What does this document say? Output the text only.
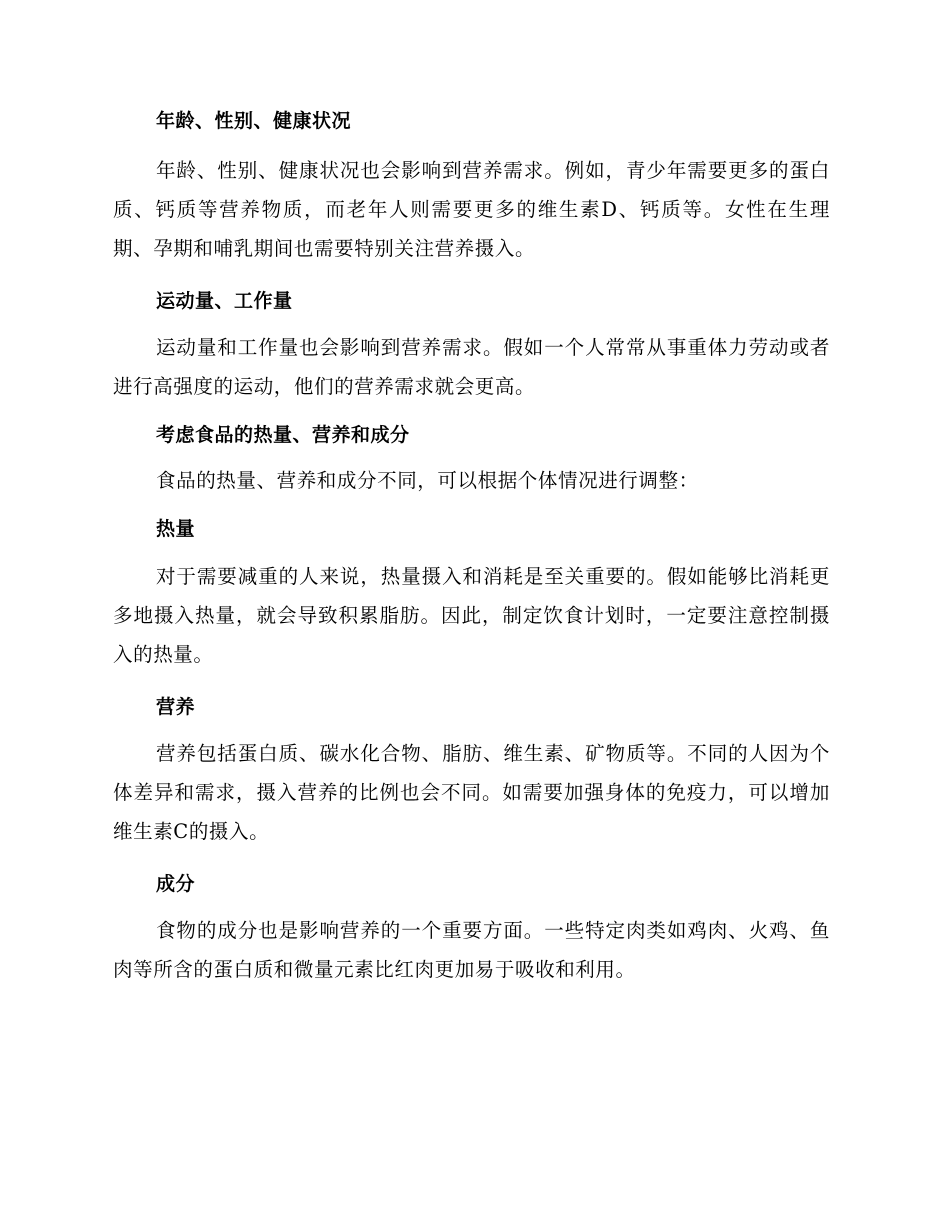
年龄、性别、健康状况

年龄、性别、健康状况也会影响到营养需求。例如，青少年需要更多的蛋白质、钙质等营养物质，而老年人则需要更多的维生素D、钙质等。女性在生理期、孕期和哺乳期间也需要特别关注营养摄入。

运动量、工作量

运动量和工作量也会影响到营养需求。假如一个人常常从事重体力劳动或者进行高强度的运动，他们的营养需求就会更高。

考虑食品的热量、营养和成分

食品的热量、营养和成分不同，可以根据个体情况进行调整：

热量

对于需要减重的人来说，热量摄入和消耗是至关重要的。假如能够比消耗更多地摄入热量，就会导致积累脂肪。因此，制定饮食计划时，一定要注意控制摄入的热量。

营养

营养包括蛋白质、碳水化合物、脂肪、维生素、矿物质等。不同的人因为个体差异和需求，摄入营养的比例也会不同。如需要加强身体的免疫力，可以增加维生素C的摄入。

成分

食物的成分也是影响营养的一个重要方面。一些特定肉类如鸡肉、火鸡、鱼肉等所含的蛋白质和微量元素比红肉更加易于吸收和利用。
